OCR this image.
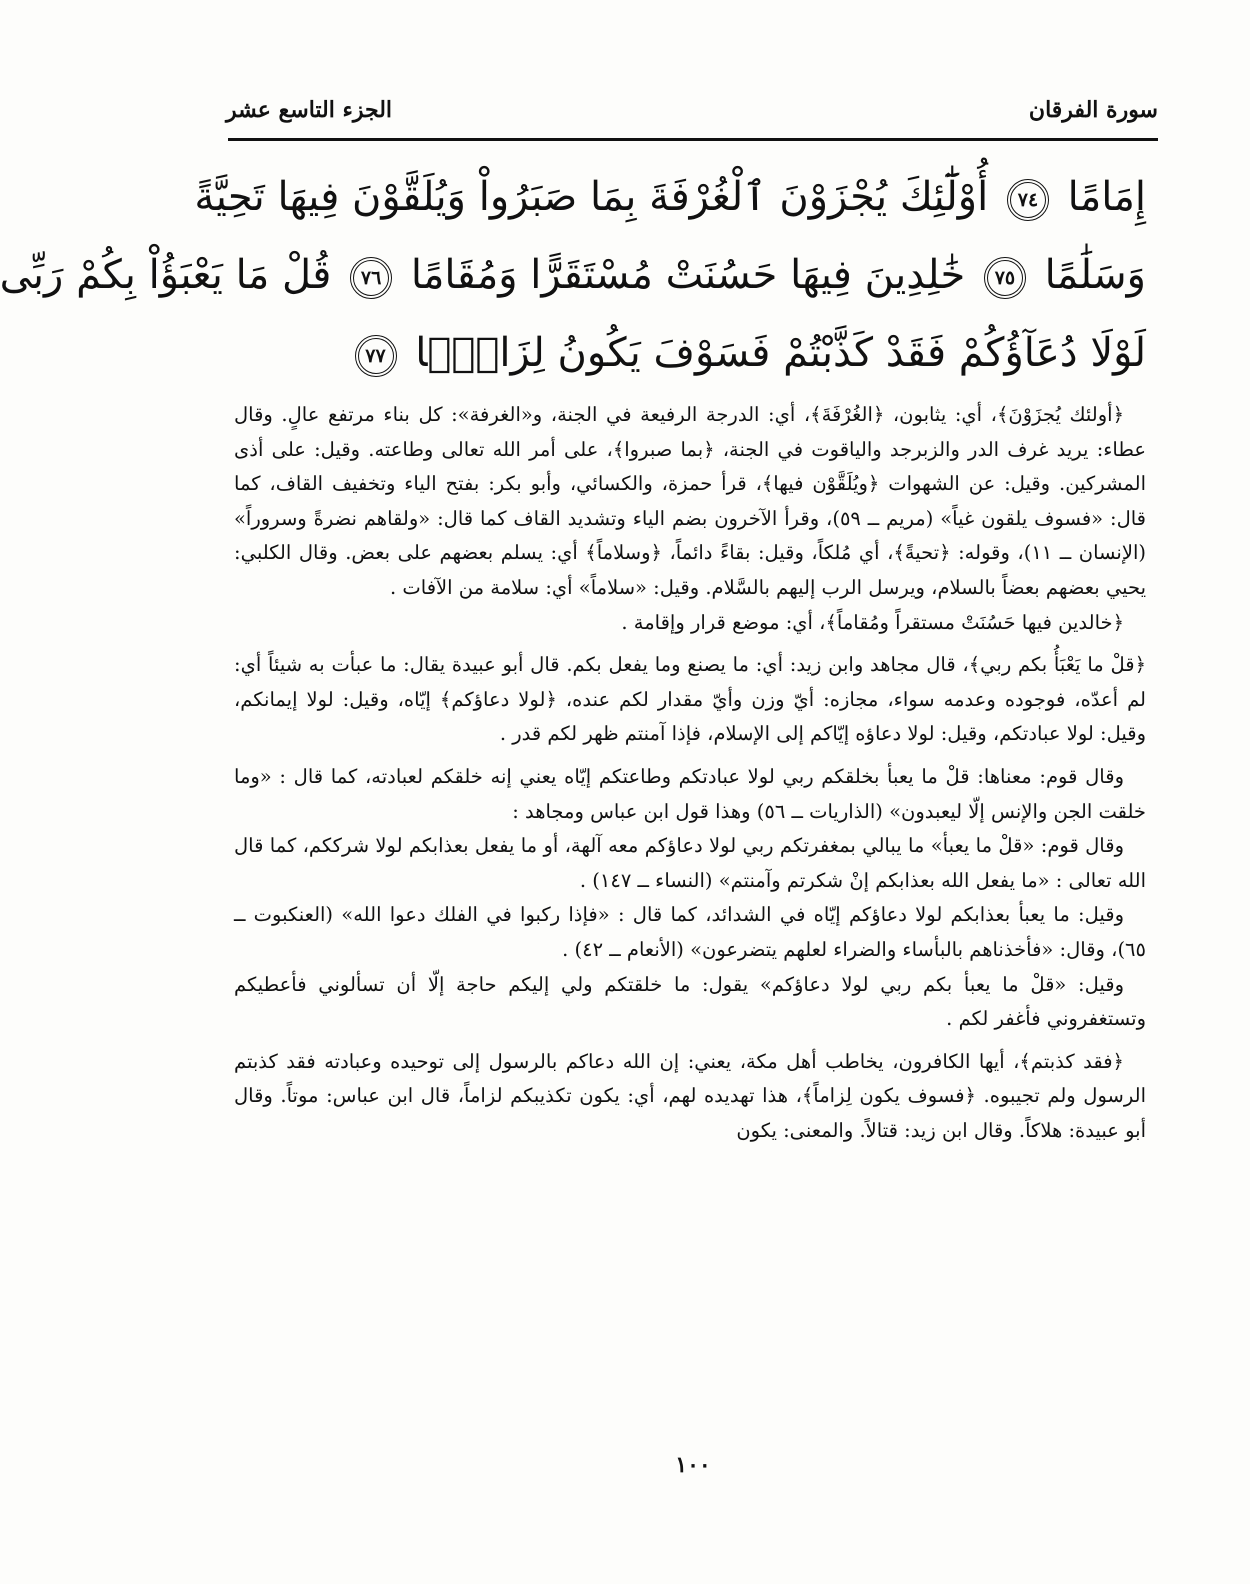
سورة الفرقان
الجزء التاسع عشر
إِمَامًا ٧٤ أُوْلَٰٓئِكَ يُجْزَوْنَ ٱلْغُرْفَةَ بِمَا صَبَرُواْ وَيُلَقَّوْنَ فِيهَا تَحِيَّةً
وَسَلَٰمًا ٧٥ خَٰلِدِينَ فِيهَا حَسُنَتْ مُسْتَقَرًّا وَمُقَامًا ٧٦ قُلْ مَا يَعْبَؤُاْ بِكُمْ رَبِّى
لَوْلَا دُعَآؤُكُمْ فَقَدْ كَذَّبْتُمْ فَسَوْفَ يَكُونُ لِزَامًۢا ٧٧

﴿أولئك يُجزَوْنَ﴾، أي: يثابون، ﴿الغُرْفَةَ﴾، أي: الدرجة الرفيعة في الجنة، و«الغرفة»: كل بناء مرتفع عالٍ. وقال عطاء: يريد غرف الدر والزبرجد والياقوت في الجنة، ﴿بما صبروا﴾، على أمر الله تعالى وطاعته. وقيل: على أذى المشركين. وقيل: عن الشهوات ﴿ويُلَقَّوْن فيها﴾، قرأ حمزة، والكسائي، وأبو بكر: بفتح الياء وتخفيف القاف، كما قال: «فسوف يلقون غياً» (مريم ــ ٥٩)، وقرأ الآخرون بضم الياء وتشديد القاف كما قال: «ولقاهم نضرةً وسروراً» (الإنسان ــ ١١)، وقوله: ﴿تحيةً﴾، أي مُلكاً، وقيل: بقاءً دائماً، ﴿وسلاماً﴾ أي: يسلم بعضهم على بعض. وقال الكلبي: يحيي بعضهم بعضاً بالسلام، ويرسل الرب إليهم بالسَّلام. وقيل: «سلاماً» أي: سلامة من الآفات .

﴿خالدين فيها حَسُنَتْ مستقراً ومُقاماً﴾، أي: موضع قرار وإقامة .

﴿قلْ ما يَعْبَأُ بكم ربي﴾، قال مجاهد وابن زيد: أي: ما يصنع وما يفعل بكم. قال أبو عبيدة يقال: ما عبأت به شيئاً أي: لم أعدّه، فوجوده وعدمه سواء، مجازه: أيّ وزن وأيّ مقدار لكم عنده، ﴿لولا دعاؤكم﴾ إيّاه، وقيل: لولا إيمانكم، وقيل: لولا عبادتكم، وقيل: لولا دعاؤه إيّاكم إلى الإسلام، فإذا آمنتم ظهر لكم قدر .

وقال قوم: معناها: قلْ ما يعبأ بخلقكم ربي لولا عبادتكم وطاعتكم إيّاه يعني إنه خلقكم لعبادته، كما قال : «وما خلقت الجن والإنس إلّا ليعبدون» (الذاريات ــ ٥٦) وهذا قول ابن عباس ومجاهد :

وقال قوم: «قلْ ما يعبأ» ما يبالي بمغفرتكم ربي لولا دعاؤكم معه آلهة، أو ما يفعل بعذابكم لولا شرككم، كما قال الله تعالى : «ما يفعل الله بعذابكم إنْ شكرتم وآمنتم» (النساء ــ ١٤٧) .

وقيل: ما يعبأ بعذابكم لولا دعاؤكم إيّاه في الشدائد، كما قال : «فإذا ركبوا في الفلك دعوا الله» (العنكبوت ــ ٦٥)، وقال: «فأخذناهم بالبأساء والضراء لعلهم يتضرعون» (الأنعام ــ ٤٢) .

وقيل: «قلْ ما يعبأ بكم ربي لولا دعاؤكم» يقول: ما خلقتكم ولي إليكم حاجة إلّا أن تسألوني فأعطيكم وتستغفروني فأغفر لكم .

﴿فقد كذبتم﴾، أيها الكافرون، يخاطب أهل مكة، يعني: إن الله دعاكم بالرسول إلى توحيده وعبادته فقد كذبتم الرسول ولم تجيبوه. ﴿فسوف يكون لِزاماً﴾، هذا تهديده لهم، أي: يكون تكذيبكم لزاماً، قال ابن عباس: موتاً. وقال أبو عبيدة: هلاكاً. وقال ابن زيد: قتالاً. والمعنى: يكون

١٠٠
